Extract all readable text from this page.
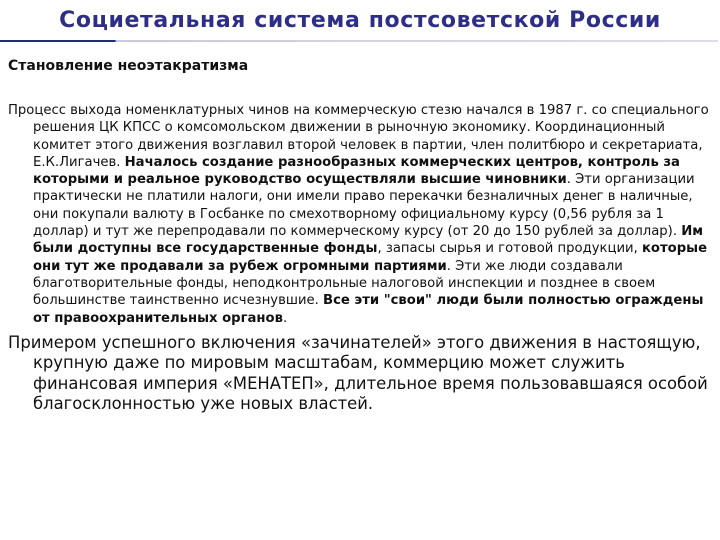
Социетальная система постсоветской России

Становление неоэтакратизма

Процесс выхода номенклатурных чинов на коммерческую стезю начался в 1987 г. со специального решения ЦК КПСС о комсомольском движении в рыночную экономику. Координационный комитет этого движения возглавил второй человек в партии, член политбюро и секретариата, Е.К.Лигачев. Началось создание разнообразных коммерческих центров, контроль за которыми и реальное руководство осуществляли высшие чиновники. Эти организации практически не платили налоги, они имели право перекачки безналичных денег в наличные, они покупали валюту в Госбанке по смехотворному официальному курсу (0,56 рубля за 1 доллар) и тут же перепродавали по коммерческому курсу (от 20 до 150 рублей за доллар). Им были доступны все государственные фонды, запасы сырья и готовой продукции, которые они тут же продавали за рубеж огромными партиями. Эти же люди создавали благотворительные фонды, неподконтрольные налоговой инспекции и позднее в своем большинстве таинственно исчезнувшие. Все эти "свои" люди были полностью ограждены от правоохранительных органов.

Примером успешного включения «зачинателей» этого движения в настоящую, крупную даже по мировым масштабам, коммерцию может служить финансовая империя «МЕНАТЕП», длительное время пользовавшаяся особой благосклонностью уже новых властей.
